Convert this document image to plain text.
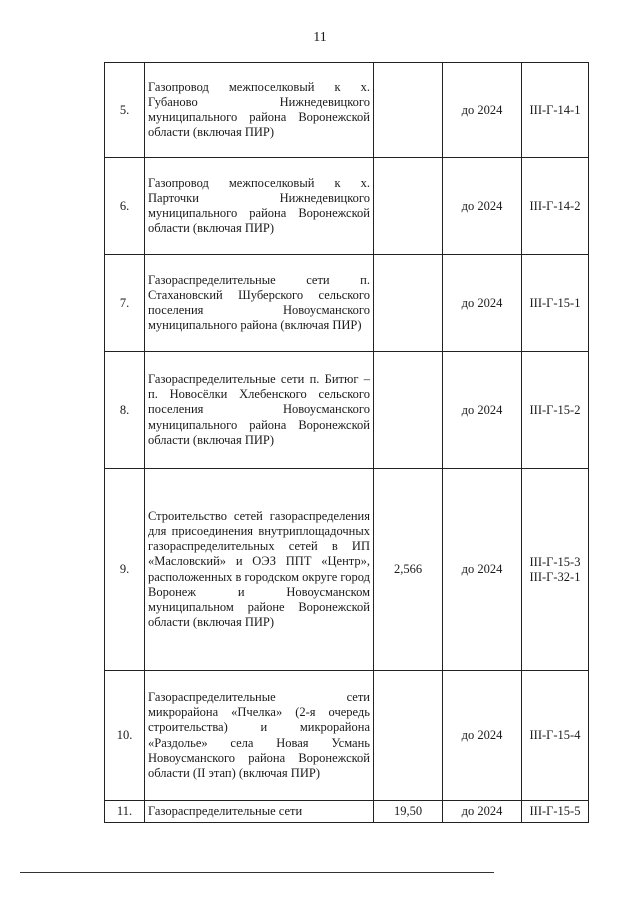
11
5.	Газопровод межпоселковый к х. Губаново Нижнедевицкого муниципального района Воронежской области (включая ПИР)		до 2024	III-Г-14-1

6.	Газопровод межпоселковый к х. Парточки Нижнедевицкого муниципального района Воронежской области (включая ПИР)		до 2024	III-Г-14-2

7.	Газораспределительные сети п. Стахановский Шуберского сельского поселения Новоусманского муниципального района (включая ПИР)		до 2024	III-Г-15-1

8.	Газораспределительные сети п. Битюг – п. Новосёлки Хлебенского сельского поселения Новоусманского муниципального района Воронежской области (включая ПИР)		до 2024	III-Г-15-2

9.	Строительство сетей газораспределения для присоединения внутриплощадочных газораспределительных сетей в ИП «Масловский» и ОЭЗ ППТ «Центр», расположенных в городском округе город Воронеж и Новоусманском муниципальном районе Воронежской области (включая ПИР)	2,566	до 2024	III-Г-15-3
III-Г-32-1

10.	Газораспределительные сети микрорайона «Пчелка» (2-я очередь строительства) и микрорайона «Раздолье» села Новая Усмань Новоусманского района Воронежской области (II этап) (включая ПИР)		до 2024	III-Г-15-4

11.	Газораспределительные сети	19,50	до 2024	III-Г-15-5
